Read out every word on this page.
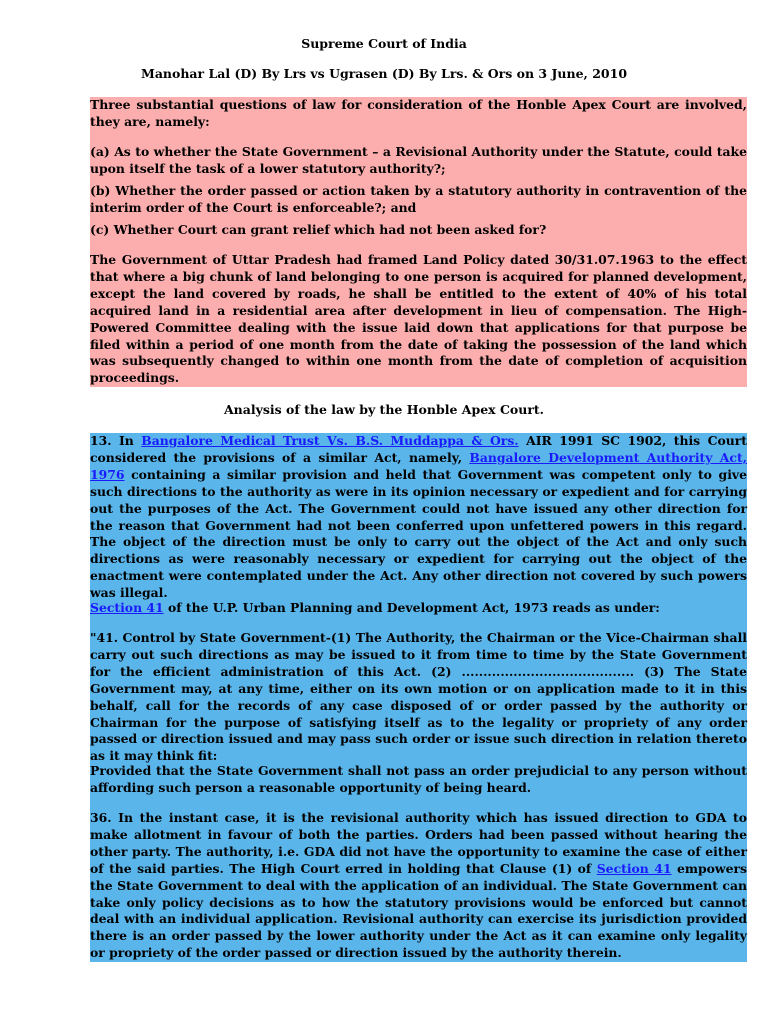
Supreme Court of India
Manohar Lal (D) By Lrs vs Ugrasen (D) By Lrs. & Ors on 3 June, 2010

Three substantial questions of law for consideration of the Honble Apex Court are involved, they are, namely:

(a) As to whether the State Government – a Revisional Authority under the Statute, could take upon itself the task of a lower statutory authority?;

(b) Whether the order passed or action taken by a statutory authority in contravention of the interim order of the Court is enforceable?; and

(c) Whether Court can grant relief which had not been asked for?

The Government of Uttar Pradesh had framed Land Policy dated 30/31.07.1963 to the effect that where a big chunk of land belonging to one person is acquired for planned development, except the land covered by roads, he shall be entitled to the extent of 40% of his total acquired land in a residential area after development in lieu of compensation. The High-Powered Committee dealing with the issue laid down that applications for that purpose be filed within a period of one month from the date of taking the possession of the land which was subsequently changed to within one month from the date of completion of acquisition proceedings.

Analysis of the law by the Honble Apex Court.

13. In Bangalore Medical Trust Vs. B.S. Muddappa & Ors. AIR 1991 SC 1902, this Court considered the provisions of a similar Act, namely, Bangalore Development Authority Act, 1976 containing a similar provision and held that Government was competent only to give such directions to the authority as were in its opinion necessary or expedient and for carrying out the purposes of the Act. The Government could not have issued any other direction for the reason that Government had not been conferred upon unfettered powers in this regard. The object of the direction must be only to carry out the object of the Act and only such directions as were reasonably necessary or expedient for carrying out the object of the enactment were contemplated under the Act. Any other direction not covered by such powers was illegal.

Section 41 of the U.P. Urban Planning and Development Act, 1973 reads as under:

"41. Control by State Government-(1) The Authority, the Chairman or the Vice-Chairman shall carry out such directions as may be issued to it from time to time by the State Government for the efficient administration of this Act. (2) ........................................ (3) The State Government may, at any time, either on its own motion or on application made to it in this behalf, call for the records of any case disposed of or order passed by the authority or Chairman for the purpose of satisfying itself as to the legality or propriety of any order passed or direction issued and may pass such order or issue such direction in relation thereto as it may think fit:

Provided that the State Government shall not pass an order prejudicial to any person without affording such person a reasonable opportunity of being heard.

36. In the instant case, it is the revisional authority which has issued direction to GDA to make allotment in favour of both the parties. Orders had been passed without hearing the other party. The authority, i.e. GDA did not have the opportunity to examine the case of either of the said parties. The High Court erred in holding that Clause (1) of Section 41 empowers the State Government to deal with the application of an individual. The State Government can take only policy decisions as to how the statutory provisions would be enforced but cannot deal with an individual application. Revisional authority can exercise its jurisdiction provided there is an order passed by the lower authority under the Act as it can examine only legality or propriety of the order passed or direction issued by the authority therein.
